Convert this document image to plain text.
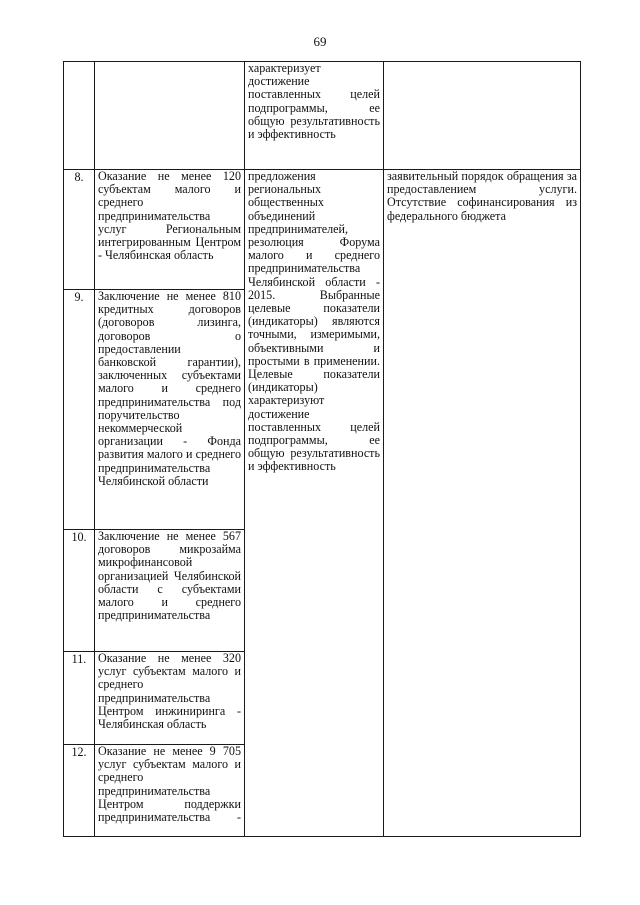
69

		характеризует достижение поставленных целей подпрограммы, ее общую результативность и эффективность	

8.	Оказание не менее 120 субъектам малого и среднего предпринимательства услуг Региональным интегрированным Центром - Челябинская область	предложения региональных общественных объединений предпринимателей, резолюция Форума малого и среднего предпринимательства Челябинской области - 2015. Выбранные целевые показатели (индикаторы) являются точными, измеримыми, объективными и простыми в применении. Целевые показатели (индикаторы) характеризуют достижение поставленных целей подпрограммы, ее общую результативность и эффективность	заявительный порядок обращения за предоставлением услуги. Отсутствие софинансирования из федерального бюджета

9.	Заключение не менее 810 кредитных договоров (договоров лизинга, договоров о предоставлении банковской гарантии), заключенных субъектами малого и среднего предпринимательства под поручительство некоммерческой организации - Фонда развития малого и среднего предпринимательства Челябинской области		

10.	Заключение не менее 567 договоров микрозайма микрофинансовой организацией Челябинской области с субъектами малого и среднего предпринимательства		

11.	Оказание не менее 320 услуг субъектам малого и среднего предпринимательства Центром инжиниринга - Челябинская область		

12.	Оказание не менее 9 705 услуг субъектам малого и среднего предпринимательства Центром поддержки предпринимательства -		
